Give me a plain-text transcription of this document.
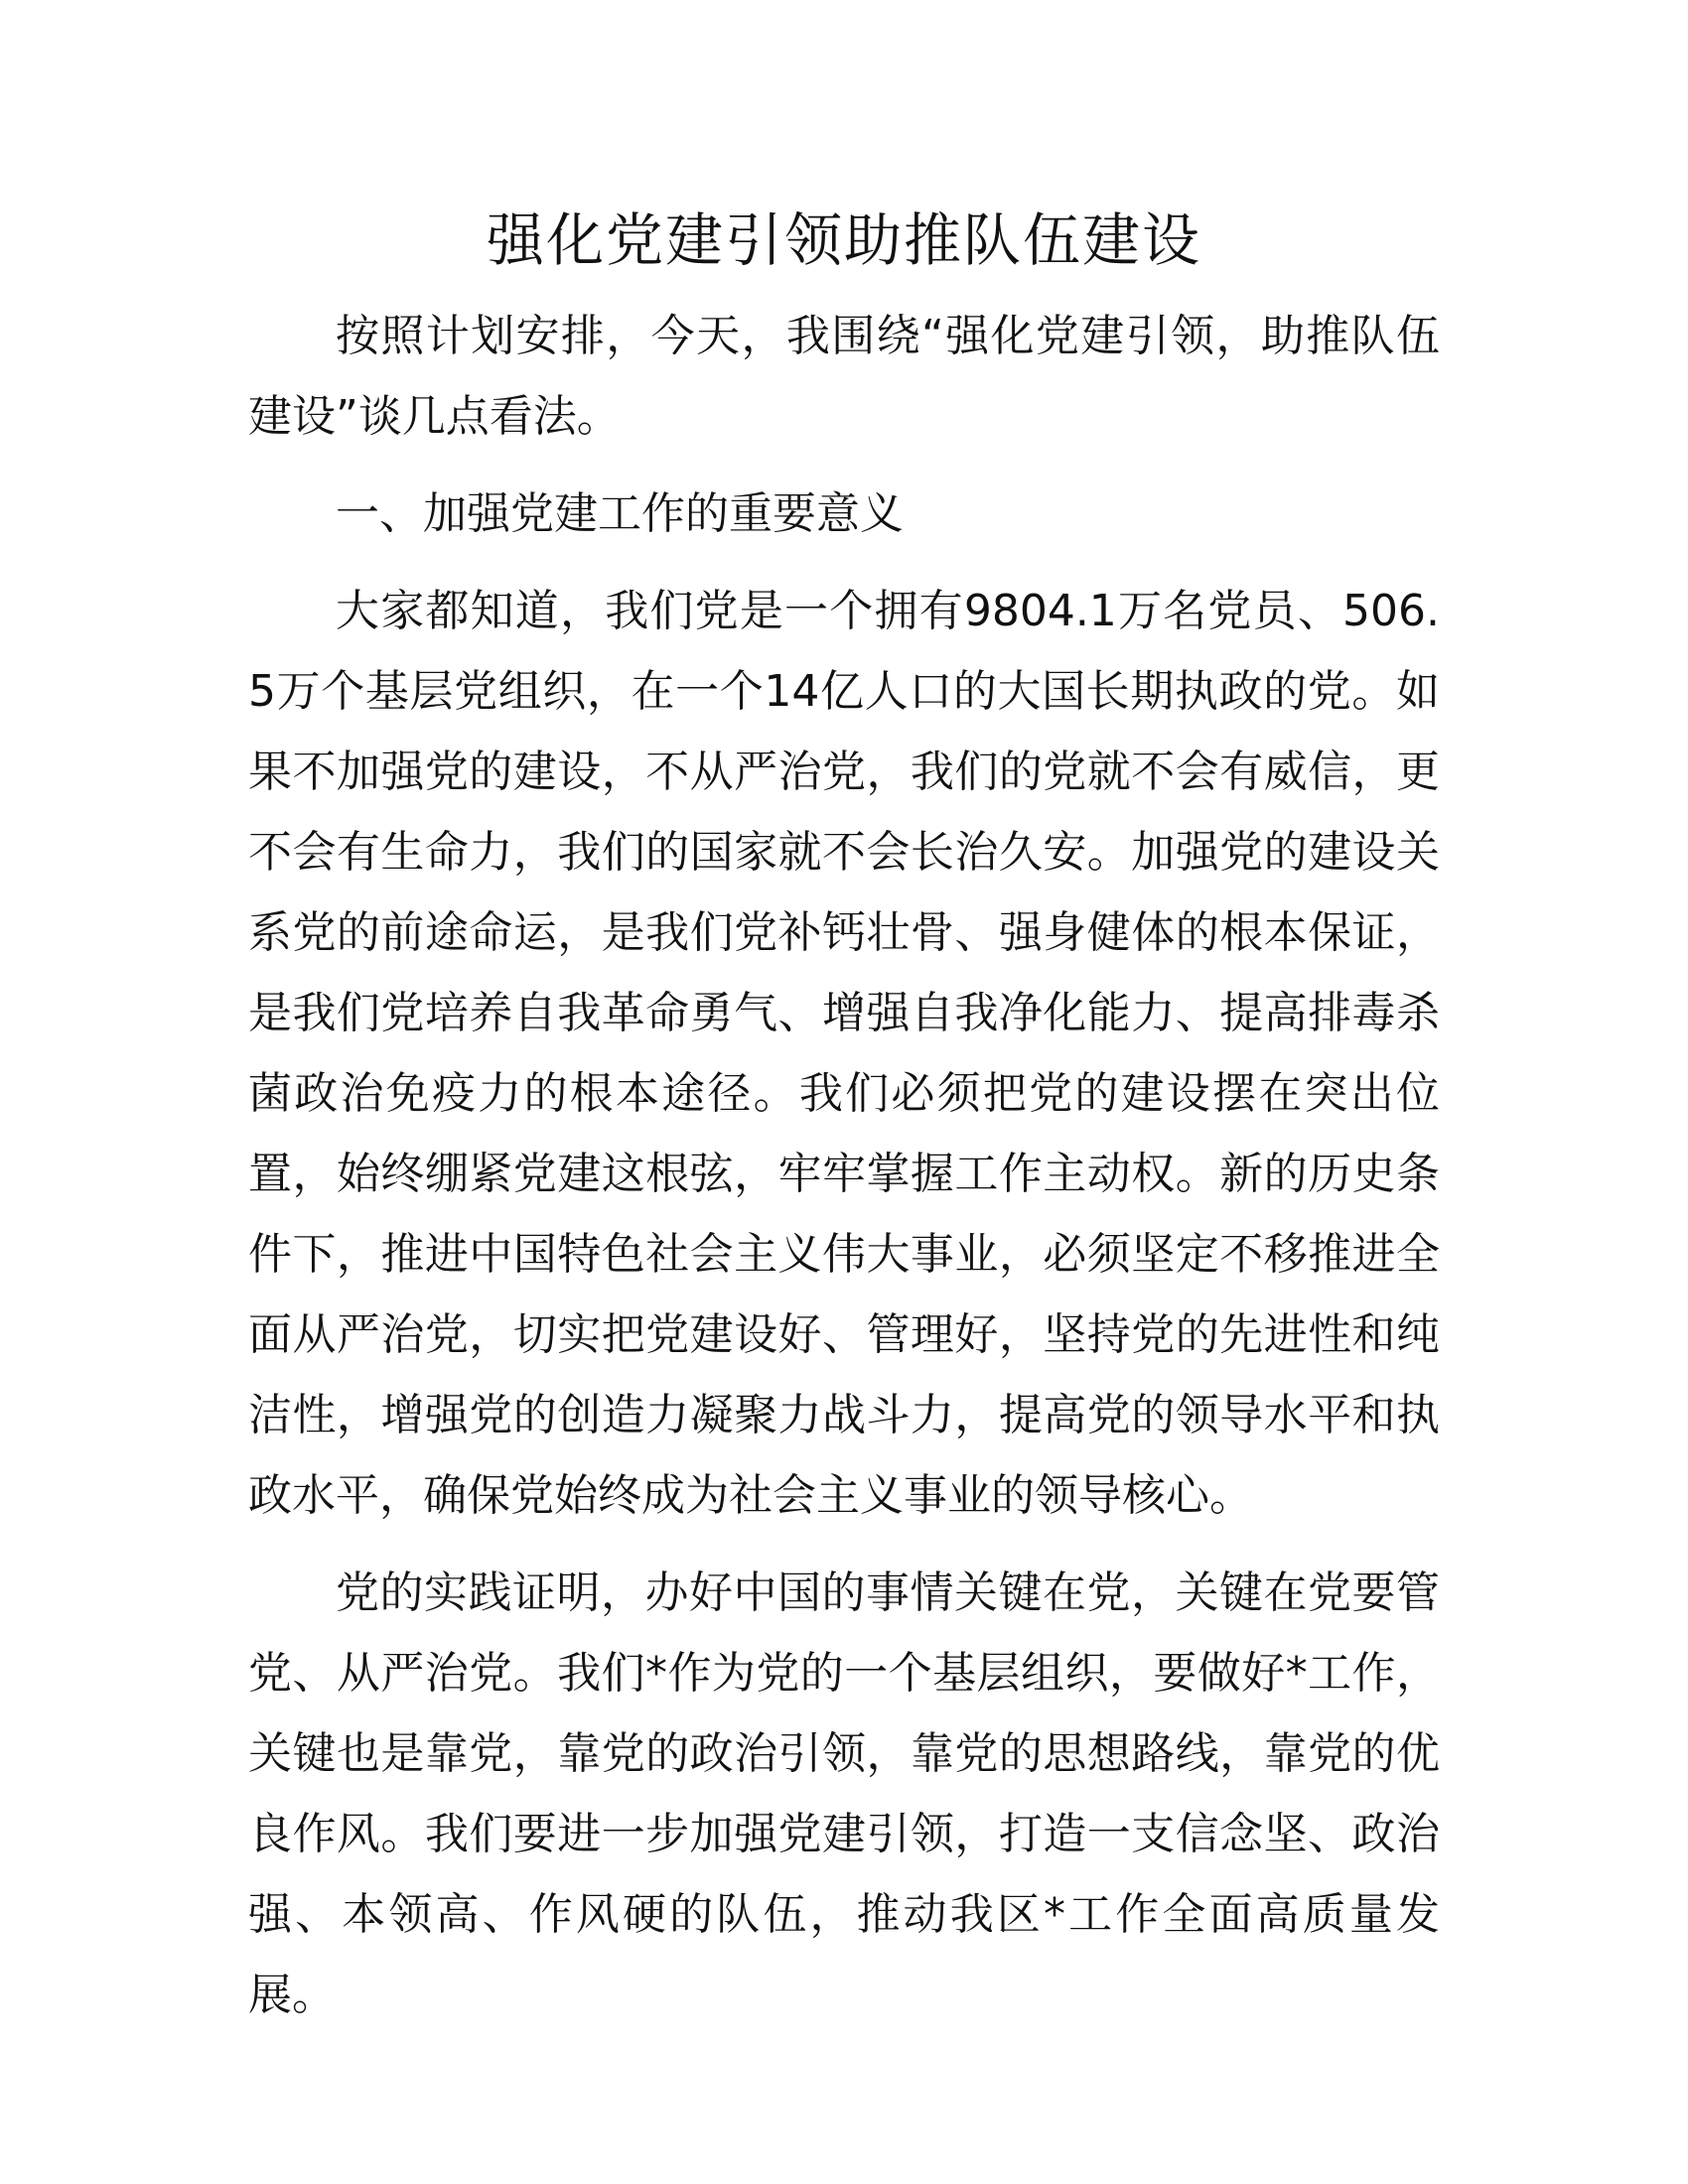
强化党建引领助推队伍建设

按照计划安排，今天，我围绕“强化党建引领，助推队伍建设”谈几点看法。

一、加强党建工作的重要意义

大家都知道，我们党是一个拥有9804.1万名党员、506.5万个基层党组织，在一个14亿人口的大国长期执政的党。如果不加强党的建设，不从严治党，我们的党就不会有威信，更不会有生命力，我们的国家就不会长治久安。加强党的建设关系党的前途命运，是我们党补钙壮骨、强身健体的根本保证，是我们党培养自我革命勇气、增强自我净化能力、提高排毒杀菌政治免疫力的根本途径。我们必须把党的建设摆在突出位置，始终绷紧党建这根弦，牢牢掌握工作主动权。新的历史条件下，推进中国特色社会主义伟大事业，必须坚定不移推进全面从严治党，切实把党建设好、管理好，坚持党的先进性和纯洁性，增强党的创造力凝聚力战斗力，提高党的领导水平和执政水平，确保党始终成为社会主义事业的领导核心。

党的实践证明，办好中国的事情关键在党，关键在党要管党、从严治党。我们*作为党的一个基层组织，要做好*工作，关键也是靠党，靠党的政治引领，靠党的思想路线，靠党的优良作风。我们要进一步加强党建引领，打造一支信念坚、政治强、本领高、作风硬的队伍，推动我区*工作全面高质量发展。
